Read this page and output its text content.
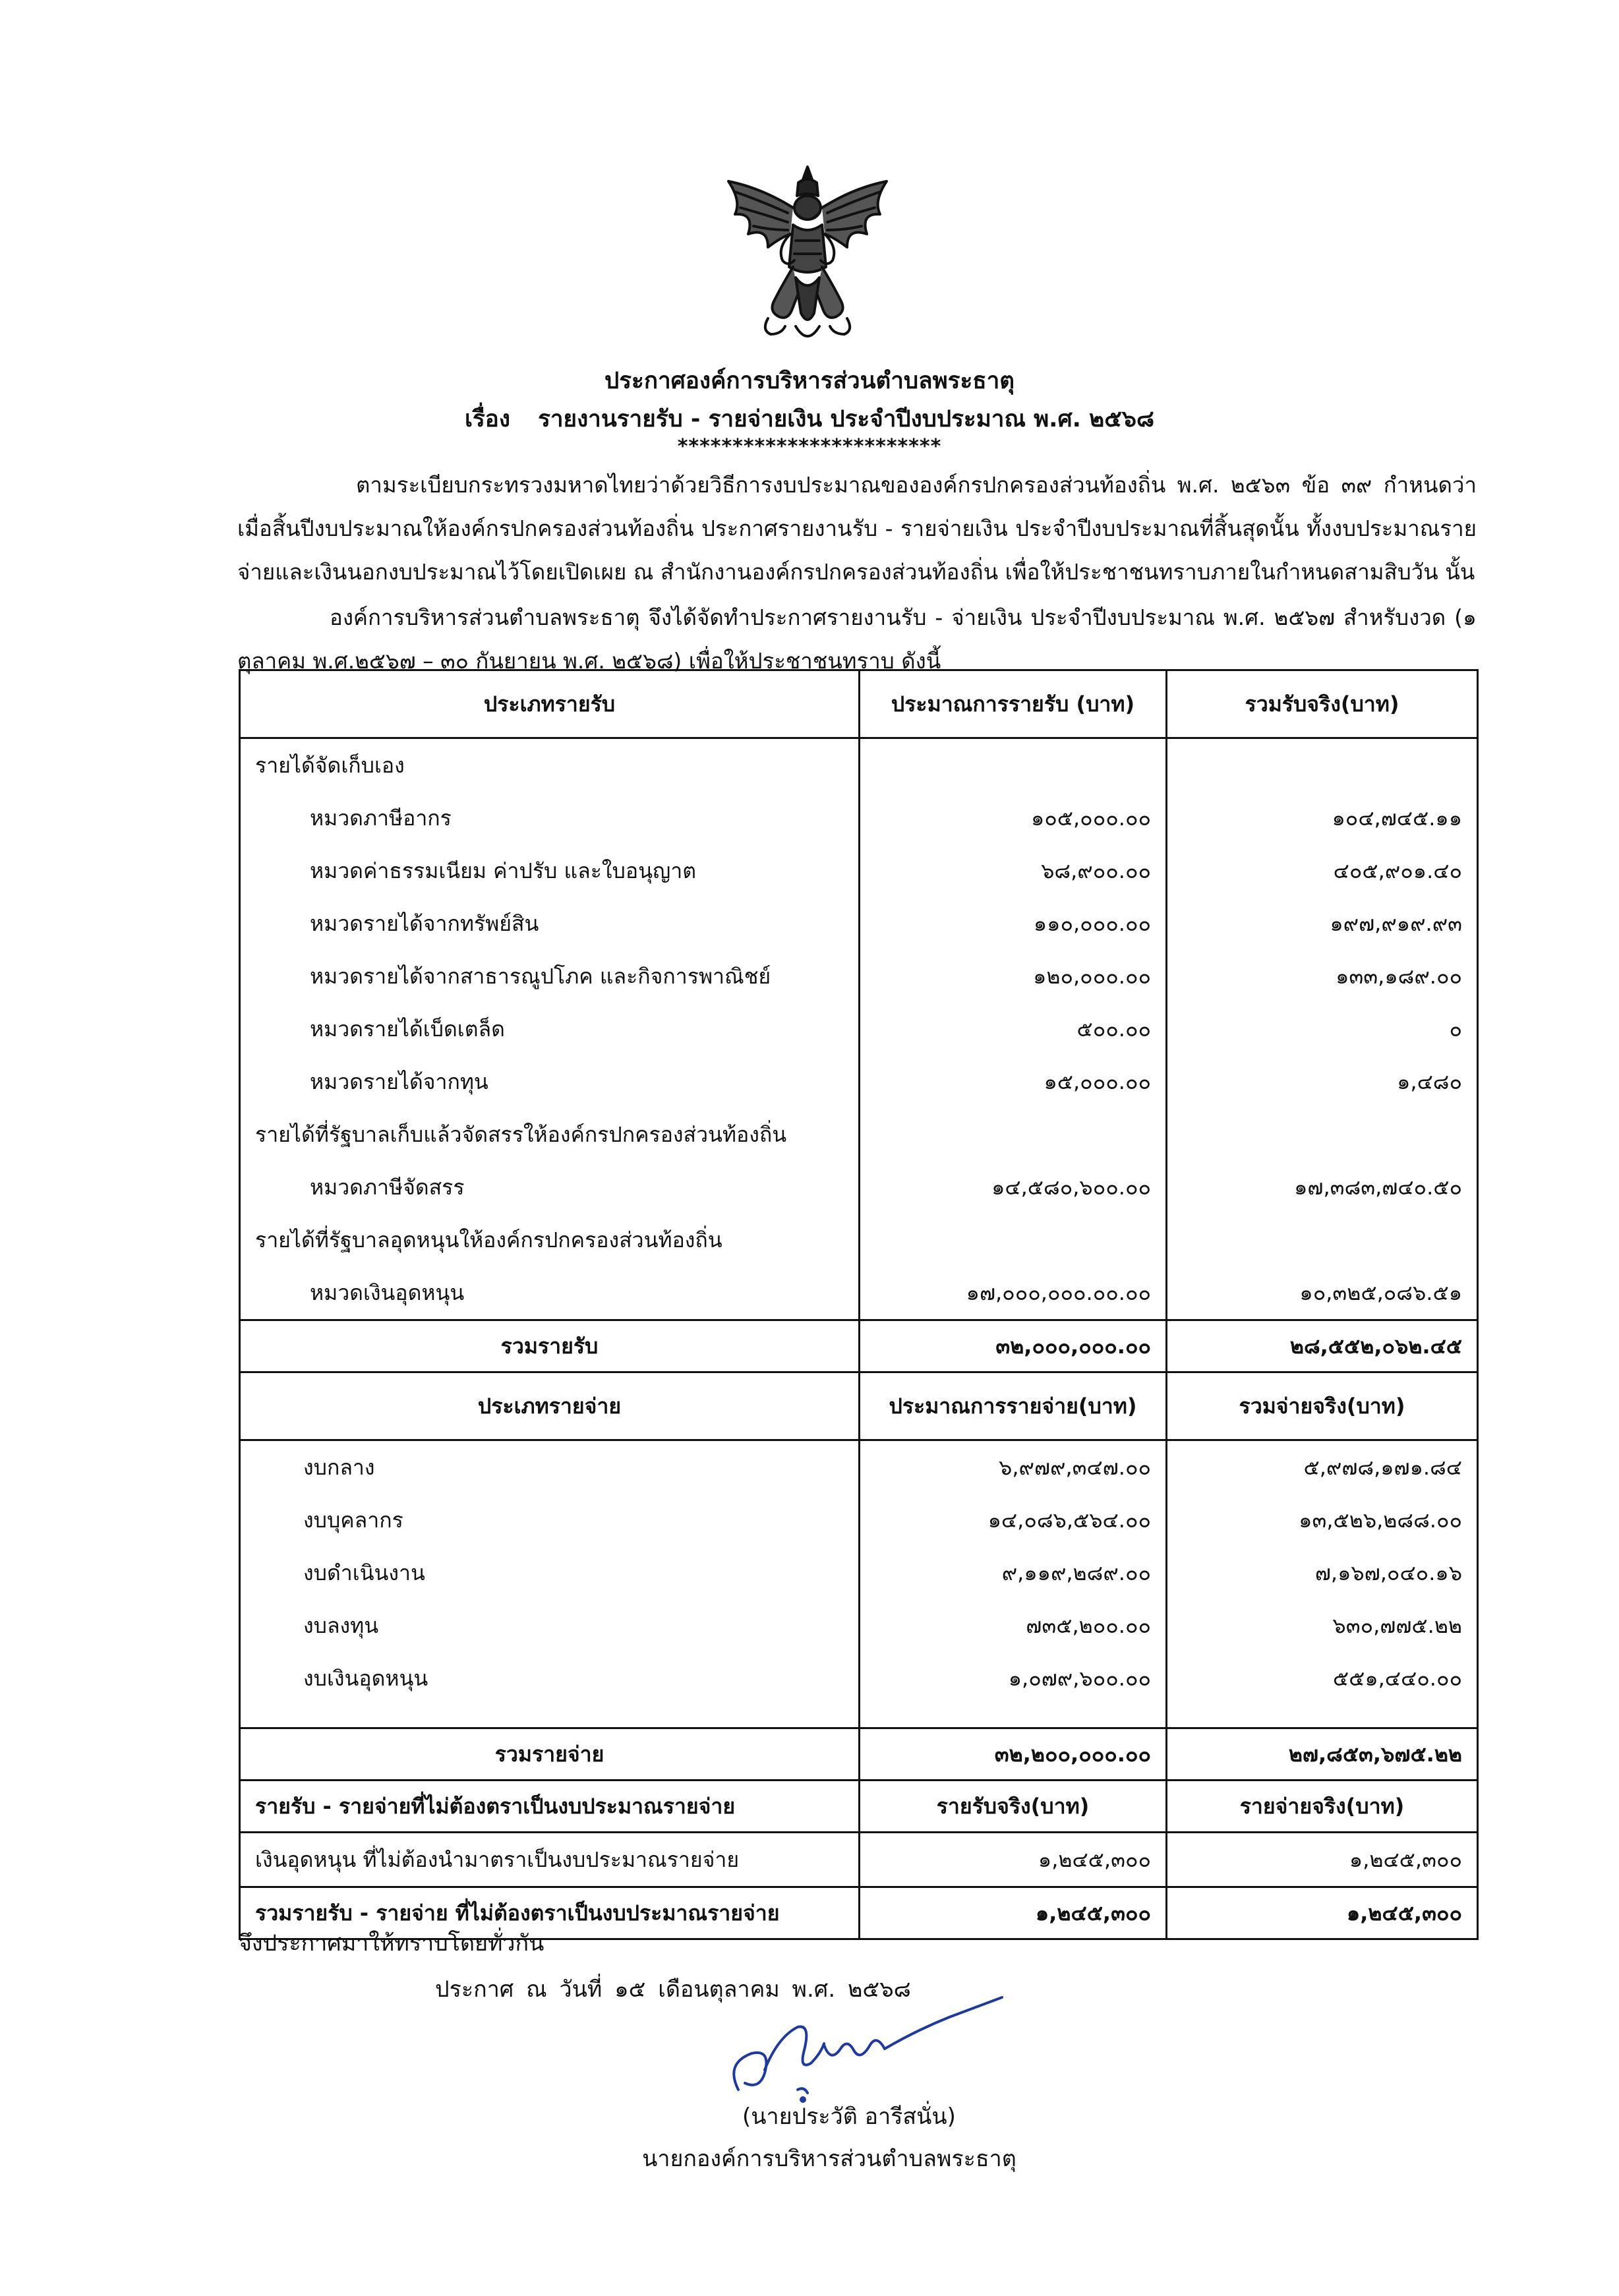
ประกาศองค์การบริหารส่วนตำบลพระธาตุ
เรื่อง รายงานรายรับ - รายจ่ายเงิน ประจำปีงบประมาณ พ.ศ. ๒๕๖๘
************************
ตามระเบียบกระทรวงมหาดไทยว่าด้วยวิธีการงบประมาณขององค์กรปกครองส่วนท้องถิ่น พ.ศ. ๒๕๖๓ ข้อ ๓๙ กำหนดว่าเมื่อสิ้นปีงบประมาณให้องค์กรปกครองส่วนท้องถิ่น ประกาศรายงานรับ - รายจ่ายเงิน ประจำปีงบประมาณที่สิ้นสุดนั้น ทั้งงบประมาณรายจ่ายและเงินนอกงบประมาณไว้โดยเปิดเผย ณ สำนักงานองค์กรปกครองส่วนท้องถิ่น เพื่อให้ประชาชนทราบภายในกำหนดสามสิบวัน นั้น
องค์การบริหารส่วนตำบลพระธาตุ จึงได้จัดทำประกาศรายงานรับ - จ่ายเงิน ประจำปีงบประมาณ พ.ศ. ๒๕๖๗ สำหรับงวด (๑ ตุลาคม พ.ศ.๒๕๖๗ – ๓๐ กันยายน พ.ศ. ๒๕๖๘) เพื่อให้ประชาชนทราบ ดังนี้
ประเภทรายรับ	ประมาณการรายรับ (บาท)	รวมรับจริง(บาท)
รายได้จัดเก็บเอง		
หมวดภาษีอากร	๑๐๕,๐๐๐.๐๐	๑๐๔,๗๔๕.๑๑
หมวดค่าธรรมเนียม ค่าปรับ และใบอนุญาต	๖๘,๙๐๐.๐๐	๔๐๕,๙๐๑.๔๐
หมวดรายได้จากทรัพย์สิน	๑๑๐,๐๐๐.๐๐	๑๙๗,๙๑๙.๙๓
หมวดรายได้จากสาธารณูปโภค และกิจการพาณิชย์	๑๒๐,๐๐๐.๐๐	๑๓๓,๑๘๙.๐๐
หมวดรายได้เบ็ดเตล็ด	๕๐๐.๐๐	๐
หมวดรายได้จากทุน	๑๕,๐๐๐.๐๐	๑,๔๘๐
รายได้ที่รัฐบาลเก็บแล้วจัดสรรให้องค์กรปกครองส่วนท้องถิ่น		
หมวดภาษีจัดสรร	๑๔,๕๘๐,๖๐๐.๐๐	๑๗,๓๘๓,๗๔๐.๕๐
รายได้ที่รัฐบาลอุดหนุนให้องค์กรปกครองส่วนท้องถิ่น		
หมวดเงินอุดหนุน	๑๗,๐๐๐,๐๐๐.๐๐.๐๐	๑๐,๓๒๕,๐๘๖.๕๑
รวมรายรับ	๓๒,๐๐๐,๐๐๐.๐๐	๒๘,๕๕๒,๐๖๒.๔๕
ประเภทรายจ่าย	ประมาณการรายจ่าย(บาท)	รวมจ่ายจริง(บาท)
งบกลาง	๖,๙๗๙,๓๔๗.๐๐	๕,๙๗๘,๑๗๑.๘๔
งบบุคลากร	๑๔,๐๘๖,๕๖๔.๐๐	๑๓,๕๒๖,๒๘๘.๐๐
งบดำเนินงาน	๙,๑๑๙,๒๘๙.๐๐	๗,๑๖๗,๐๔๐.๑๖
งบลงทุน	๗๓๕,๒๐๐.๐๐	๖๓๐,๗๗๕.๒๒
งบเงินอุดหนุน	๑,๐๗๙,๖๐๐.๐๐	๕๕๑,๔๔๐.๐๐

รวมรายจ่าย	๓๒,๒๐๐,๐๐๐.๐๐	๒๗,๘๕๓,๖๗๕.๒๒
รายรับ - รายจ่ายที่ไม่ต้องตราเป็นงบประมาณรายจ่าย	รายรับจริง(บาท)	รายจ่ายจริง(บาท)
เงินอุดหนุน ที่ไม่ต้องนำมาตราเป็นงบประมาณรายจ่าย	๑,๒๔๕,๓๐๐	๑,๒๔๕,๓๐๐
รวมรายรับ - รายจ่าย ที่ไม่ต้องตราเป็นงบประมาณรายจ่าย	๑,๒๔๕,๓๐๐	๑,๒๔๕,๓๐๐
จึงประกาศมาให้ทราบโดยทั่วกัน
ประกาศ ณ วันที่ ๑๕ เดือนตุลาคม พ.ศ. ๒๕๖๘
(นายประวัติ อารีสนั่น)
นายกองค์การบริหารส่วนตำบลพระธาตุ
